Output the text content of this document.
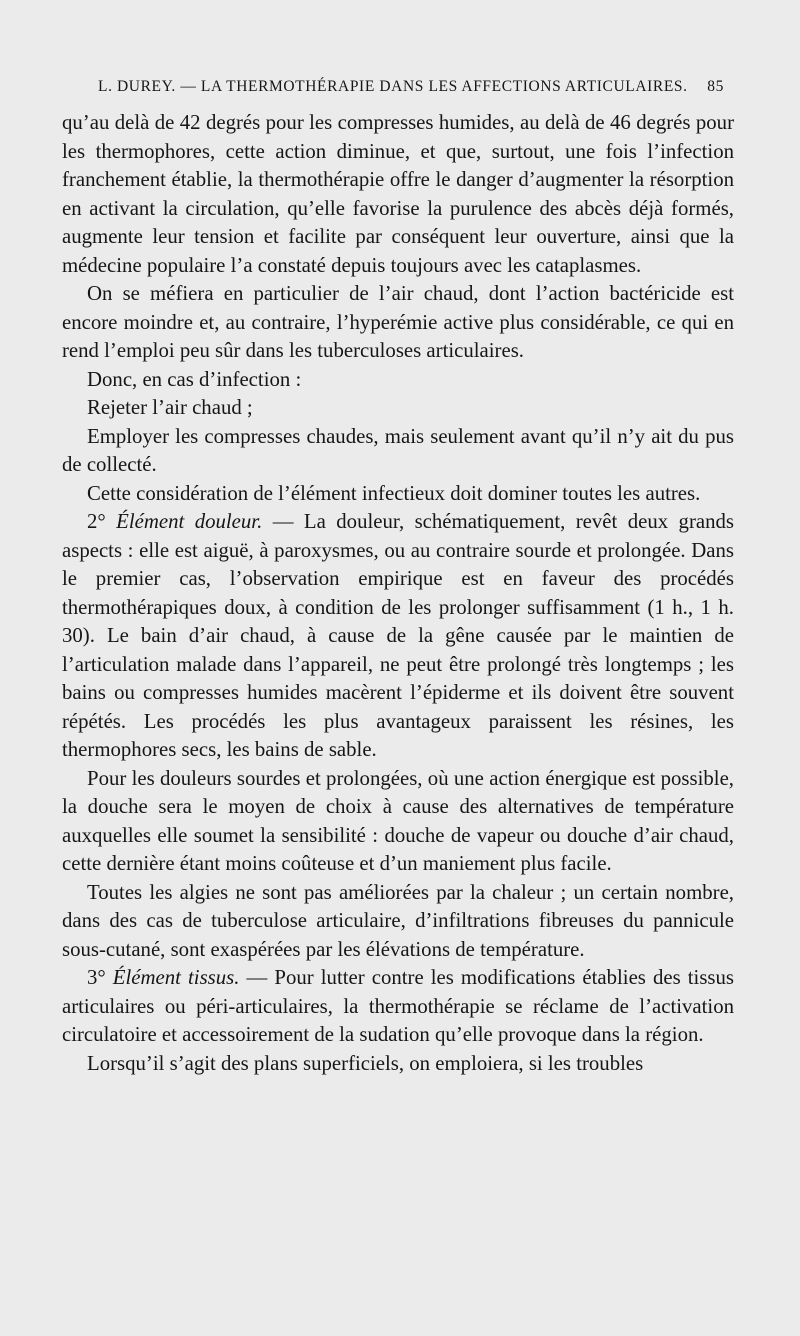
L. DUREY. — LA THERMOTHÉRAPIE DANS LES AFFECTIONS ARTICULAIRES. 85

qu’au delà de 42 degrés pour les compresses humides, au delà de 46 degrés pour les thermophores, cette action diminue, et que, surtout, une fois l’infection franchement établie, la thermothérapie offre le danger d’augmenter la résorption en activant la circulation, qu’elle favorise la purulence des abcès déjà formés, augmente leur tension et facilite par conséquent leur ouverture, ainsi que la médecine populaire l’a constaté depuis toujours avec les cataplasmes.

On se méfiera en particulier de l’air chaud, dont l’action bactéricide est encore moindre et, au contraire, l’hyperémie active plus considérable, ce qui en rend l’emploi peu sûr dans les tuberculoses articulaires.

Donc, en cas d’infection :

Rejeter l’air chaud ;

Employer les compresses chaudes, mais seulement avant qu’il n’y ait du pus de collecté.

Cette considération de l’élément infectieux doit dominer toutes les autres.

2° Élément douleur. — La douleur, schématiquement, revêt deux grands aspects : elle est aiguë, à paroxysmes, ou au contraire sourde et prolongée. Dans le premier cas, l’observation empirique est en faveur des procédés thermothérapiques doux, à condition de les prolonger suffisamment (1 h., 1 h. 30). Le bain d’air chaud, à cause de la gêne causée par le maintien de l’articulation malade dans l’appareil, ne peut être prolongé très longtemps ; les bains ou compresses humides macèrent l’épiderme et ils doivent être souvent répétés. Les procédés les plus avantageux paraissent les résines, les thermophores secs, les bains de sable.

Pour les douleurs sourdes et prolongées, où une action énergique est possible, la douche sera le moyen de choix à cause des alternatives de température auxquelles elle soumet la sensibilité : douche de vapeur ou douche d’air chaud, cette dernière étant moins coûteuse et d’un maniement plus facile.

Toutes les algies ne sont pas améliorées par la chaleur ; un certain nombre, dans des cas de tuberculose articulaire, d’infiltrations fibreuses du pannicule sous-cutané, sont exaspérées par les élévations de température.

3° Élément tissus. — Pour lutter contre les modifications établies des tissus articulaires ou péri-articulaires, la thermothérapie se réclame de l’activation circulatoire et accessoirement de la sudation qu’elle provoque dans la région.

Lorsqu’il s’agit des plans superficiels, on emploiera, si les troubles
